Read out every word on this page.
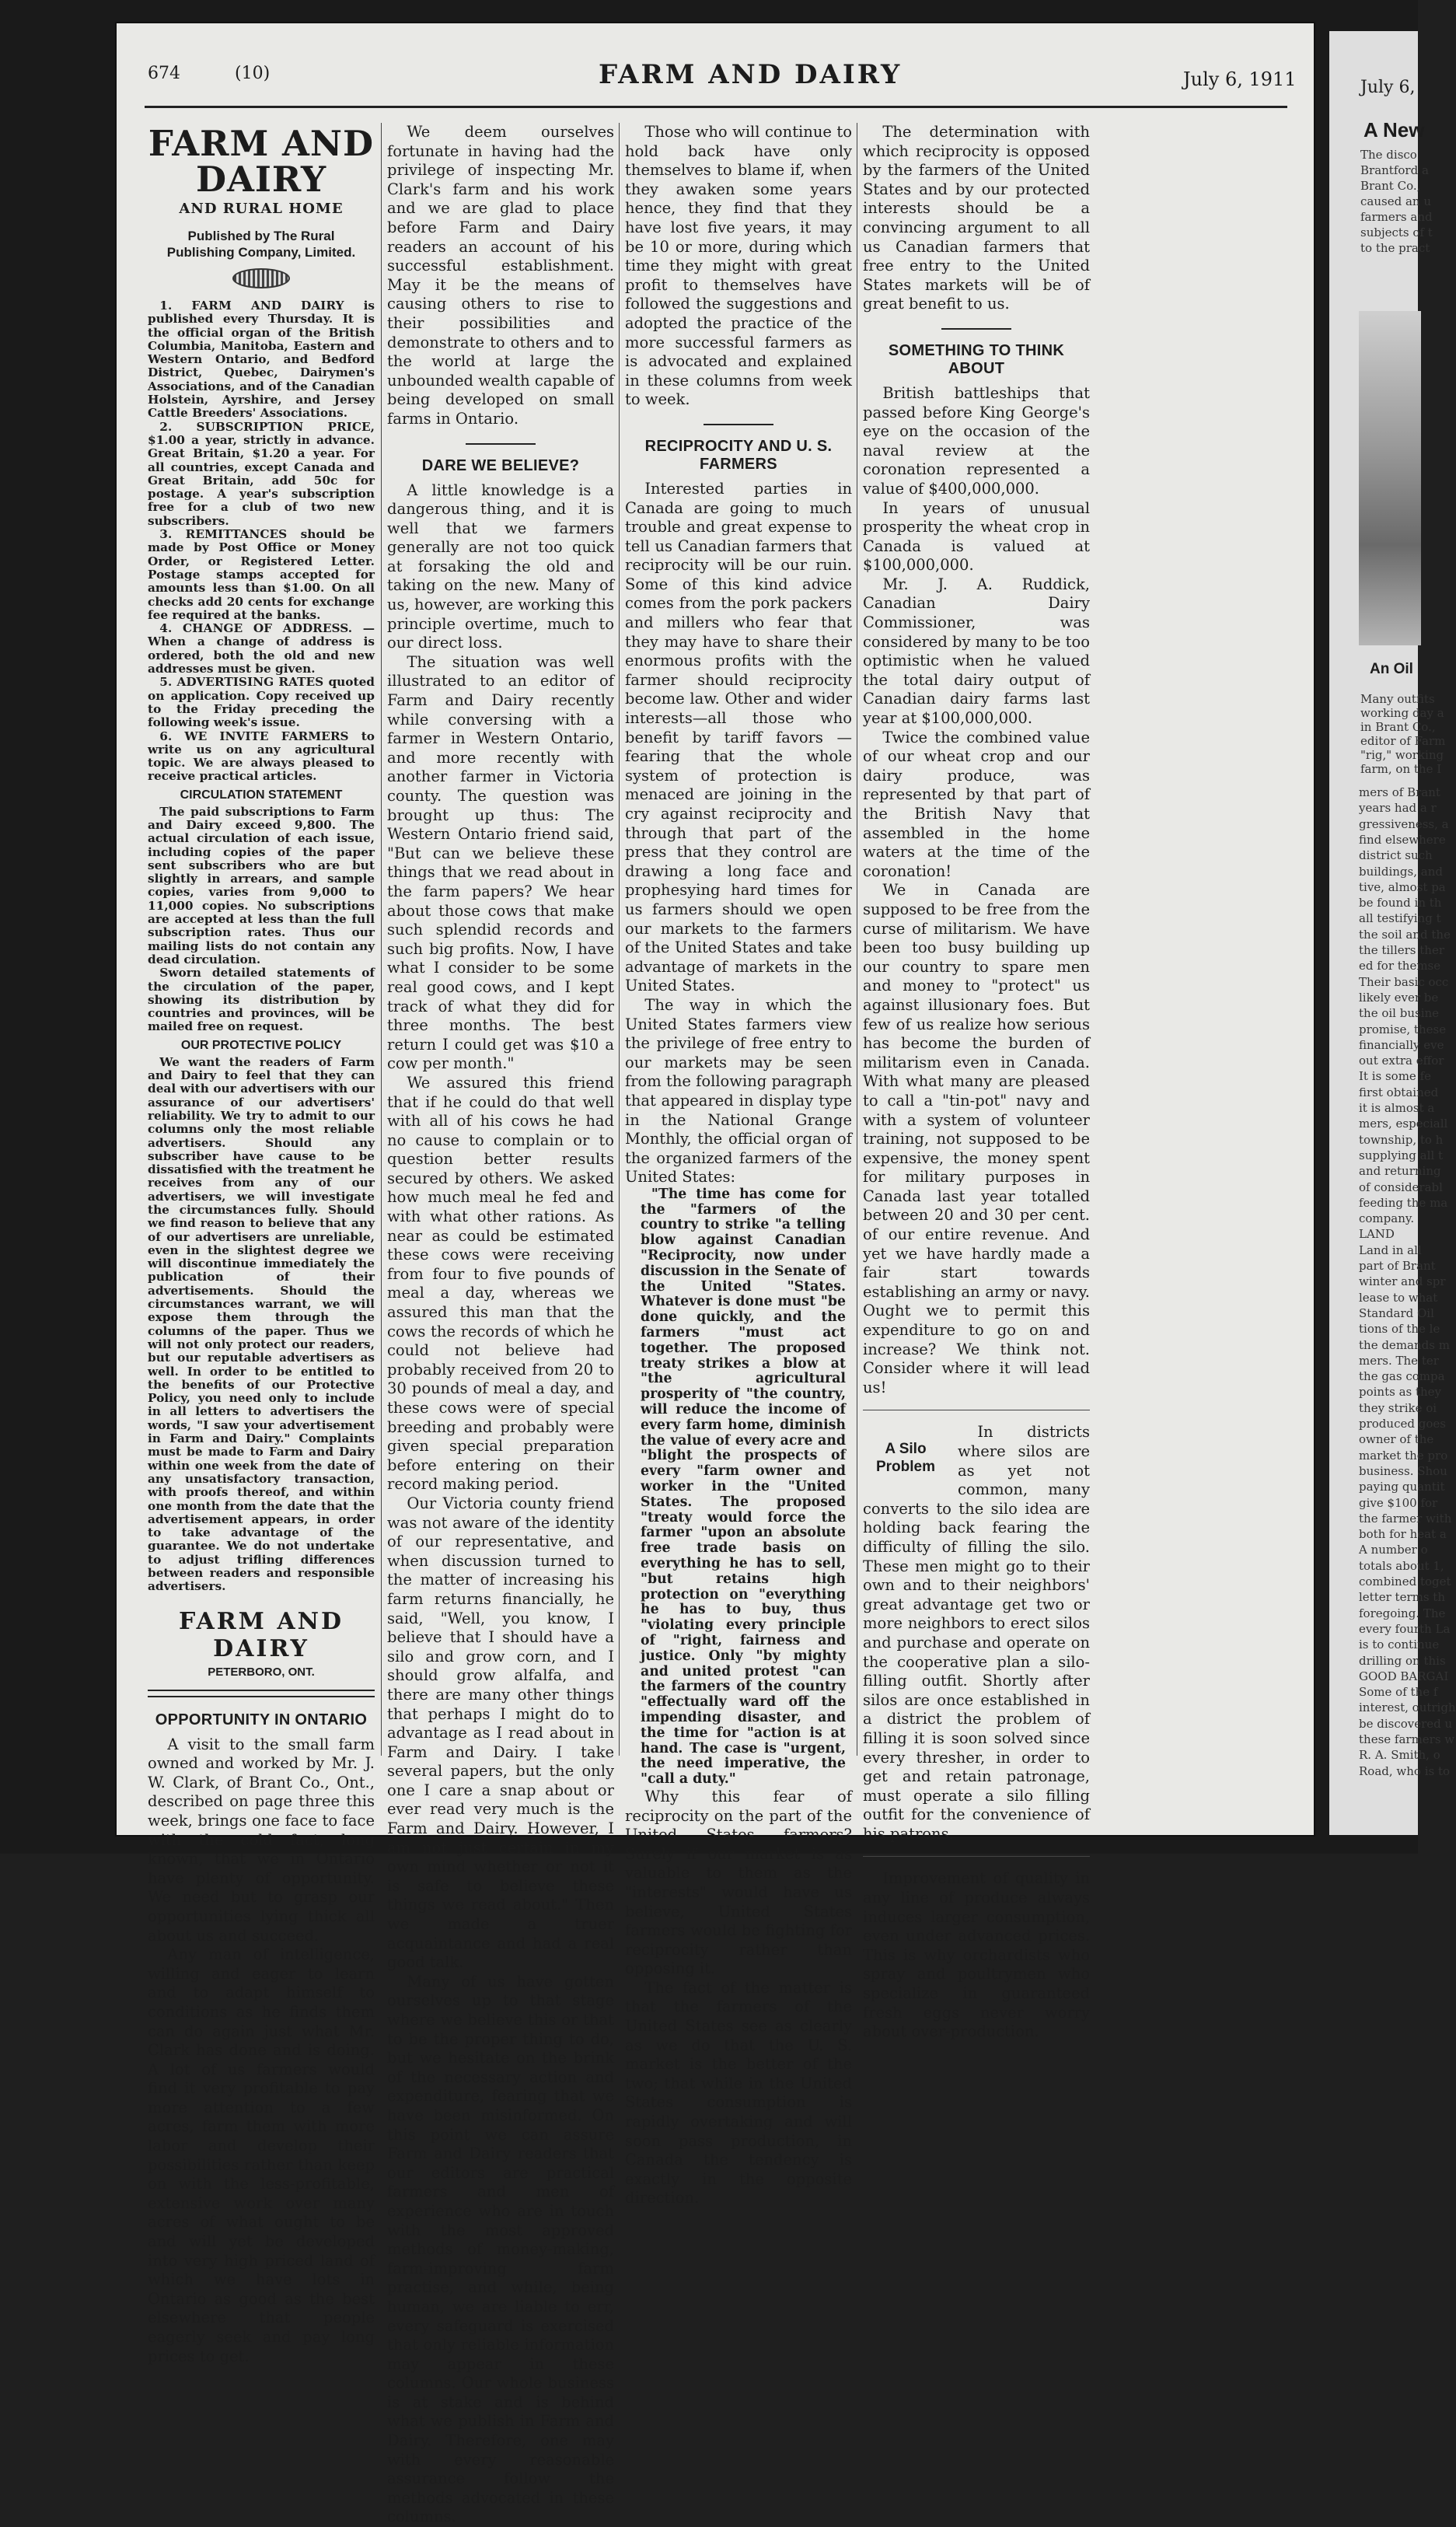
674	(10)	FARM AND DAIRY	July 6, 1911
FARM AND DAIRY
AND RURAL HOME
Published by The Rural Publishing Company, Limited.

1. FARM AND DAIRY is published every Thursday. It is the official organ of the British Columbia, Manitoba, Eastern and Western Ontario, and Bedford District, Quebec, Dairymen's Associations, and of the Canadian Holstein, Ayrshire, and Jersey Cattle Breeders' Associations.

2. SUBSCRIPTION PRICE, $1.00 a year, strictly in advance. Great Britain, $1.20 a year. For all countries, except Canada and Great Britain, add 50c for postage. A year's subscription free for a club of two new subscribers.

3. REMITTANCES should be made by Post Office or Money Order, or Registered Letter. Postage stamps accepted for amounts less than $1.00. On all checks add 20 cents for exchange fee required at the banks.

4. CHANGE OF ADDRESS. — When a change of address is ordered, both the old and new addresses must be given.

5. ADVERTISING RATES quoted on application. Copy received up to the Friday preceding the following week's issue.

6. WE INVITE FARMERS to write us on any agricultural topic. We are always pleased to receive practical articles.

CIRCULATION STATEMENT

The paid subscriptions to Farm and Dairy exceed 9,800. The actual circulation of each issue, including copies of the paper sent subscribers who are but slightly in arrears, and sample copies, varies from 9,000 to 11,000 copies. No subscriptions are accepted at less than the full subscription rates. Thus our mailing lists do not contain any dead circulation.

Sworn detailed statements of the circulation of the paper, showing its distribution by countries and provinces, will be mailed free on request.

OUR PROTECTIVE POLICY

We want the readers of Farm and Dairy to feel that they can deal with our advertisers with our assurance of our advertisers' reliability. We try to admit to our columns only the most reliable advertisers. Should any subscriber have cause to be dissatisfied with the treatment he receives from any of our advertisers, we will investigate the circumstances fully. Should we find reason to believe that any of our advertisers are unreliable, even in the slightest degree we will discontinue immediately the publication of their advertisements. Should the circumstances warrant, we will expose them through the columns of the paper. Thus we will not only protect our readers, but our reputable advertisers as well. In order to be entitled to the benefits of our Protective Policy, you need only to include in all letters to advertisers the words, "I saw your advertisement in Farm and Dairy." Complaints must be made to Farm and Dairy within one week from the date of any unsatisfactory transaction, with proofs thereof, and within one month from the date that the advertisement appears, in order to take advantage of the guarantee. We do not undertake to adjust trifling differences between readers and responsible advertisers.

FARM AND DAIRY
PETERBORO, ONT.
OPPORTUNITY IN ONTARIO

A visit to the small farm owned and worked by Mr. J. W. Clark, of Brant Co., Ont., described on page three this week, brings one face to face with the cold fact, long known, that we in Ontario have plenty of opportunity. We need but to grasp our opportunities lying thick all about us and succeed.

Any man of intelligence, willing and eager to learn and to adapt himself to conditions as he finds them can do again just what Mr. Clark has done and is doing. A lot of us farmers would find it very profitable to pay more attention to a few acres, farm them with more labor and develop their possibilities rather than keep on with the less-profitable, extensive work over many acres of what ought to be and will yet be developed into very high priced land of which we have lots in Ontario as good as the best elsewhere that people eagerly seek and pay long prices to get.

We deem ourselves fortunate in having had the privilege of inspecting Mr. Clark's farm and his work and we are glad to place before Farm and Dairy readers an account of his successful establishment. May it be the means of causing others to rise to their possibilities and demonstrate to others and to the world at large the unbounded wealth capable of being developed on small farms in Ontario.

DARE WE BELIEVE?

A little knowledge is a dangerous thing, and it is well that we farmers generally are not too quick at forsaking the old and taking on the new. Many of us, however, are working this principle overtime, much to our direct loss.

The situation was well illustrated to an editor of Farm and Dairy recently while conversing with a farmer in Western Ontario, and more recently with another farmer in Victoria county. The question was brought up thus: The Western Ontario friend said, "But can we believe these things that we read about in the farm papers? We hear about those cows that make such splendid records and such big profits. Now, I have what I consider to be some real good cows, and I kept track of what they did for three months. The best return I could get was $10 a cow per month."

We assured this friend that if he could do that well with all of his cows he had no cause to complain or to question better results secured by others. We asked how much meal he fed and with what other rations. As near as could be estimated these cows were receiving from four to five pounds of meal a day, whereas we assured this man that the cows the records of which he could not believe had probably received from 20 to 30 pounds of meal a day, and these cows were of special breeding and probably were given special preparation before entering on their record making period.

Our Victoria county friend was not aware of the identity of our representative, and when discussion turned to the matter of increasing his farm returns financially, he said, "Well, you know, I believe that I should have a silo and grow corn, and I should grow alfalfa, and there are many other things that perhaps I might do to advantage as I read about in Farm and Dairy. I take several papers, but the only one I care a snap about or ever read very much is the Farm and Dairy. However, I am not just certain in my own mind whether or not it is safe to believe these things we read about." Then we made a truer acquaintance and had a real good talk.

Many of us have gotten ourselves up to that stage where we believe this or that to be the proper thing to do, but we hesitate on the brink of the necessary action and expenditure, fearing that we have been misinformed. On this point we can assure Farm and Dairy readers that our editors are practical farmers and men of experience who are in touch with the most approved methods of money-making, farm-improving farm practise, and while, being human, we are liable to err, every safeguard is exercised that only reliable information may appear in these columns. Our whole business is at stake and is behind what we publish in Farm and Dairy. Therefore, one may with every reasonable assurance follow the methods advocated in these columns.

Those who will continue to hold back have only themselves to blame if, when they awaken some years hence, they find that they have lost five years, it may be 10 or more, during which time they might with great profit to themselves have followed the suggestions and adopted the practice of the more successful farmers as is advocated and explained in these columns from week to week.

RECIPROCITY AND U. S. FARMERS

Interested parties in Canada are going to much trouble and great expense to tell us Canadian farmers that reciprocity will be our ruin. Some of this kind advice comes from the pork packers and millers who fear that they may have to share their enormous profits with the farmer should reciprocity become law. Other and wider interests—all those who benefit by tariff favors — fearing that the whole system of protection is menaced are joining in the cry against reciprocity and through that part of the press that they control are drawing a long face and prophesying hard times for us farmers should we open our markets to the farmers of the United States and take advantage of markets in the United States.

The way in which the United States farmers view the privilege of free entry to our markets may be seen from the following paragraph that appeared in display type in the National Grange Monthly, the official organ of the organized farmers of the United States:

"The time has come for the "farmers of the country to strike "a telling blow against Canadian "Reciprocity, now under discussion in the Senate of the United "States. Whatever is done must "be done quickly, and the farmers "must act together. The proposed treaty strikes a blow at "the agricultural prosperity of "the country, will reduce the income of every farm home, diminish the value of every acre and "blight the prospects of every "farm owner and worker in the "United States. The proposed "treaty would force the farmer "upon an absolute free trade basis on everything he has to sell, "but retains high protection on "everything he has to buy, thus "violating every principle of "right, fairness and justice. Only "by mighty and united protest "can the farmers of the country "effectually ward off the impending disaster, and the time for "action is at hand. The case is "urgent, the need imperative, the "call a duty."

Why this fear of reciprocity on the part of the United States farmers? Surely if our market is as valuable to them as the "interests" would have us believe, United States farmers would be fighting for reciprocity rather than opposing it.

The fact of the matter is that the farmers of the United States see as clearly as we do that the U. S. market is the better of the two; that while in the United States consumption is rapidly overtaking and will soon pass production, in Canada the tendency is exactly in the opposite direction.

The determination with which reciprocity is opposed by the farmers of the United States and by our protected interests should be a convincing argument to all us Canadian farmers that free entry to the United States markets will be of great benefit to us.

SOMETHING TO THINK ABOUT

British battleships that passed before King George's eye on the occasion of the naval review at the coronation represented a value of $400,000,000.

In years of unusual prosperity the wheat crop in Canada is valued at $100,000,000.

Mr. J. A. Ruddick, Canadian Dairy Commissioner, was considered by many to be too optimistic when he valued the total dairy output of Canadian dairy farms last year at $100,000,000.

Twice the combined value of our wheat crop and our dairy produce, was represented by that part of the British Navy that assembled in the home waters at the time of the coronation!

We in Canada are supposed to be free from the curse of militarism. We have been too busy building up our country to spare men and money to "protect" us against illusionary foes. But few of us realize how serious has become the burden of militarism even in Canada. With what many are pleased to call a "tin-pot" navy and with a system of volunteer training, not supposed to be expensive, the money spent for military purposes in Canada last year totalled between 20 and 30 per cent. of our entire revenue. And yet we have hardly made a fair start towards establishing an army or navy. Ought we to permit this expenditure to go on and increase? We think not. Consider where it will lead us!

A Silo Problem

In districts where silos are as yet not common, many converts to the silo idea are holding back fearing the difficulty of filling the silo. These men might go to their own and to their neighbors' great advantage get two or more neighbors to erect silos and purchase and operate on the cooperative plan a silo-filling outfit. Shortly after silos are once established in a district the problem of filling it is soon solved since every thresher, in order to get and retain patronage, must operate a silo filling outfit for the convenience of his patrons.

Improvement of quality in any line of produce always induces larger consumption, even under advanced prices. This is why orchardists who spray and poultrymen who specialize in guaranteed fresh eggs never worry about over-production.

July 6,
A New
The disco
Brantford a
Brant Co.,
caused an u
farmers and
subjects of t
to the pract
An Oil
Many outfits
working day a
in Brant Co.,
editor of Farm
"rig," working
farm, on the I
mers of Brant
years had a r
gressiveness, a
find elsewhere
district such
buildings, and
tive, almost pa
be found in th
all testifying t
the soil and the
the tillers ther
ed for themse
Their basic occ
likely ever be
the oil busine
promise, these
financially eve
out extra effor
It is some fe
first obtained
it is almost a
mers, especiall
township, to h
supplying all t
and returning
of considerabl
feeding the ma
company.
LAND
Land in all
part of Brant
winter and spr
lease to what
Standard Oil
tions of the le
the demands m
mers. The ter
the gas compa
points as they
they strike oi
produced goes
owner of the
market the pro
business. Shou
paying quantit
give $100 for
the farmer with
both for heat a
A number o
totals about 1,
combined toget
letter terms th
foregoing. The
every fourth La
is to continue
drilling on this
GOOD BARGAI
Some of the f
interest, outrigh
be discovered u
these farmers w
R. A. Smith, o
Road, who is to
